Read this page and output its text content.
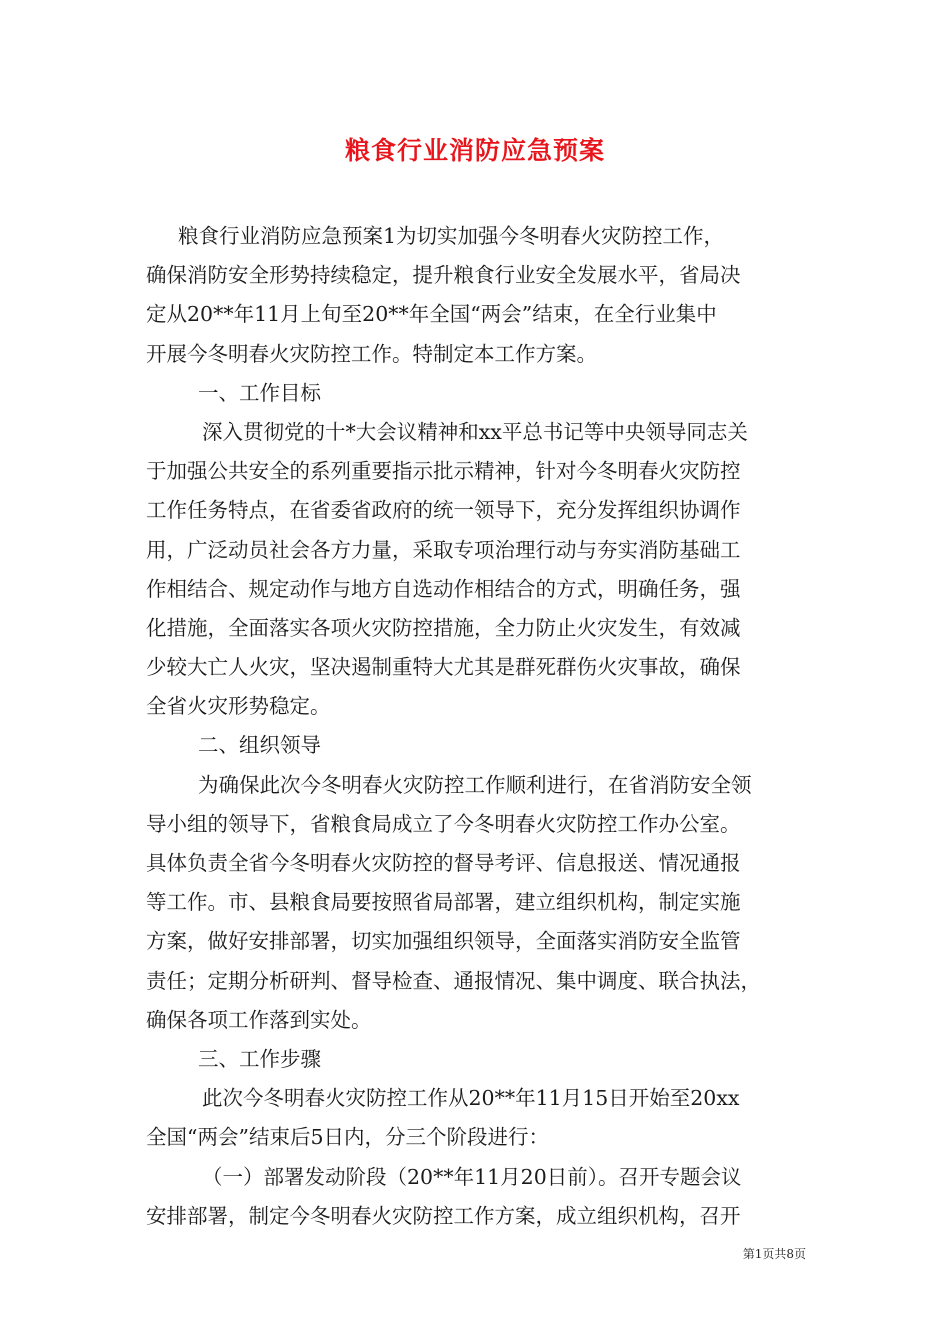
粮食行业消防应急预案
粮食行业消防应急预案1为切实加强今冬明春火灾防控工作，
确保消防安全形势持续稳定，提升粮食行业安全发展水平，省局决
定从20**年11月上旬至20**年全国“两会”结束，在全行业集中
开展今冬明春火灾防控工作。特制定本工作方案。
一、工作目标
深入贯彻党的十*大会议精神和xx平总书记等中央领导同志关
于加强公共安全的系列重要指示批示精神，针对今冬明春火灾防控
工作任务特点，在省委省政府的统一领导下，充分发挥组织协调作
用，广泛动员社会各方力量，采取专项治理行动与夯实消防基础工
作相结合、规定动作与地方自选动作相结合的方式，明确任务，强
化措施，全面落实各项火灾防控措施，全力防止火灾发生，有效减
少较大亡人火灾，坚决遏制重特大尤其是群死群伤火灾事故，确保
全省火灾形势稳定。
二、组织领导
为确保此次今冬明春火灾防控工作顺利进行，在省消防安全领
导小组的领导下，省粮食局成立了今冬明春火灾防控工作办公室。
具体负责全省今冬明春火灾防控的督导考评、信息报送、情况通报
等工作。市、县粮食局要按照省局部署，建立组织机构，制定实施
方案，做好安排部署，切实加强组织领导，全面落实消防安全监管
责任；定期分析研判、督导检查、通报情况、集中调度、联合执法，
确保各项工作落到实处。
三、工作步骤
此次今冬明春火灾防控工作从20**年11月15日开始至20xx
全国“两会”结束后5日内，分三个阶段进行：
（一）部署发动阶段（20**年11月20日前）。召开专题会议
安排部署，制定今冬明春火灾防控工作方案，成立组织机构，召开
第1页共8页
